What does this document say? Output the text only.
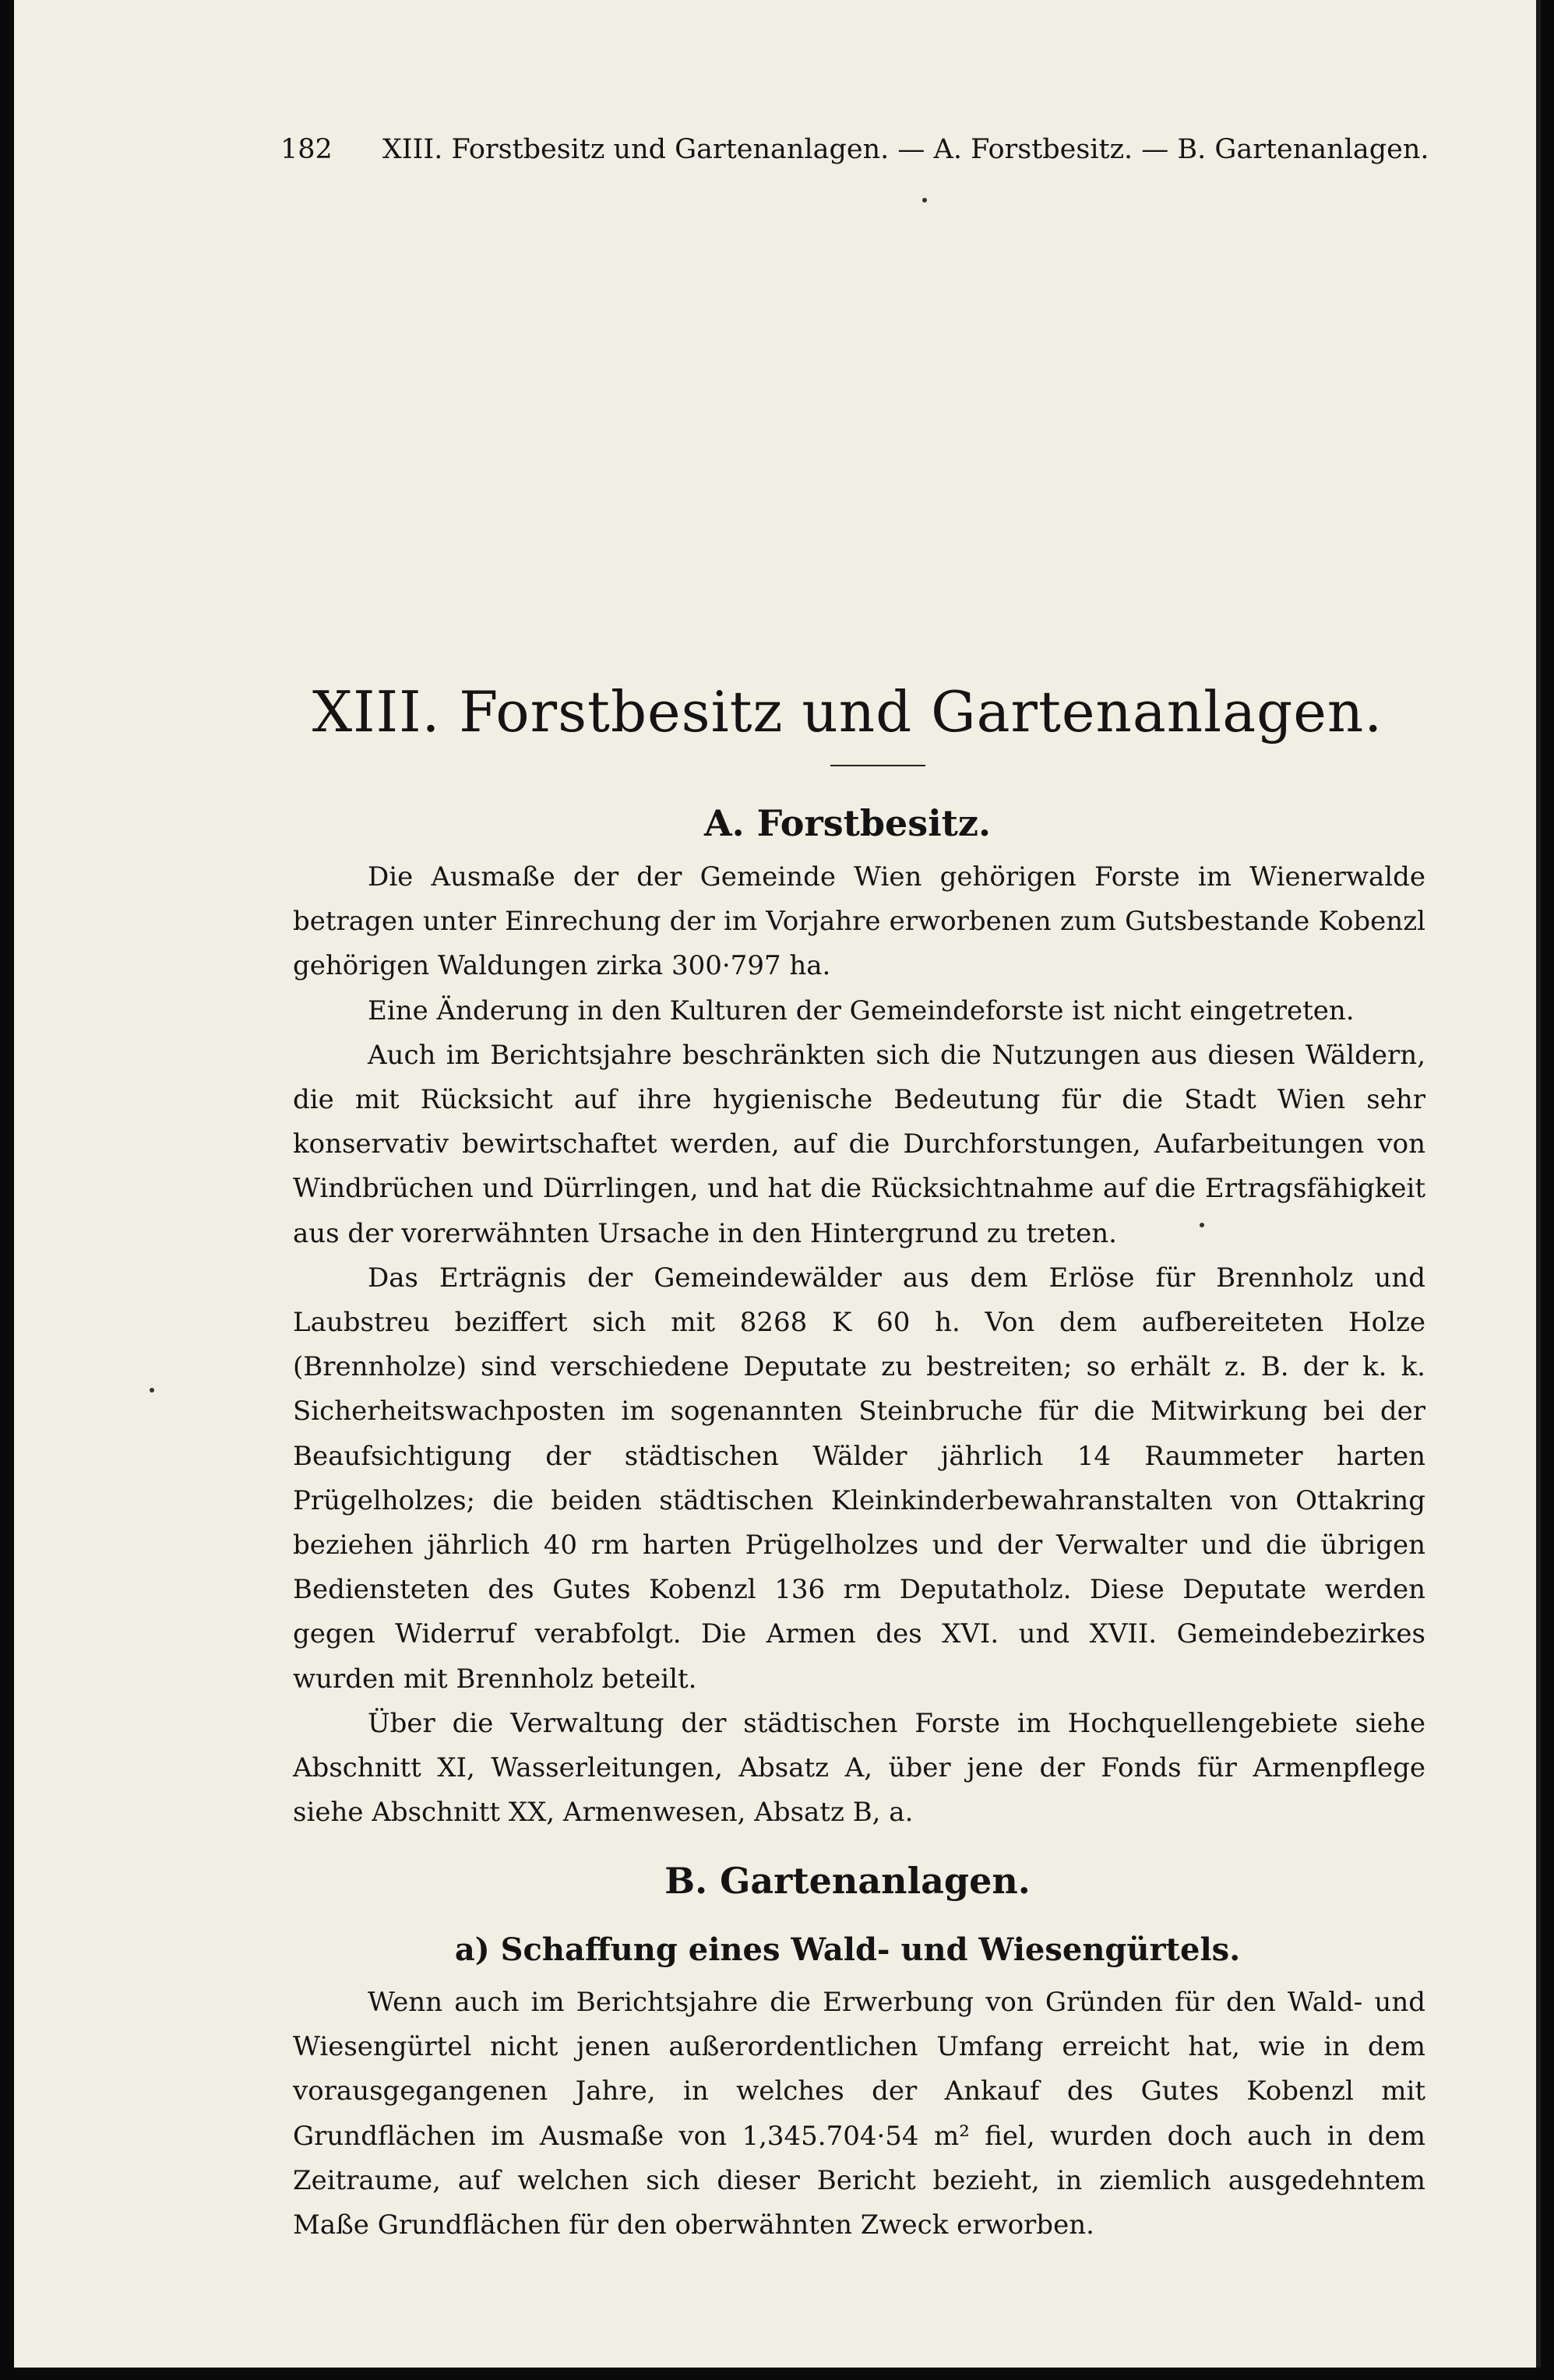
182 XIII. Forstbesitz und Gartenanlagen. — A. Forstbesitz. — B. Gartenanlagen.
XIII. Forstbesitz und Gartenanlagen.
A. Forstbesitz.

Die Ausmaße der der Gemeinde Wien gehörigen Forste im Wienerwalde betragen unter Einrechung der im Vorjahre erworbenen zum Gutsbestande Kobenzl gehörigen Waldungen zirka 300·797 ha.

Eine Änderung in den Kulturen der Gemeindeforste ist nicht eingetreten.

Auch im Berichtsjahre beschränkten sich die Nutzungen aus diesen Wäldern, die mit Rücksicht auf ihre hygienische Bedeutung für die Stadt Wien sehr konservativ bewirtschaftet werden, auf die Durchforstungen, Aufarbeitungen von Windbrüchen und Dürrlingen, und hat die Rücksichtnahme auf die Ertragsfähigkeit aus der vorerwähnten Ursache in den Hintergrund zu treten.

Das Erträgnis der Gemeindewälder aus dem Erlöse für Brennholz und Laubstreu beziffert sich mit 8268 K 60 h. Von dem aufbereiteten Holze (Brennholze) sind verschiedene Deputate zu bestreiten; so erhält z. B. der k. k. Sicherheitswachposten im sogenannten Steinbruche für die Mitwirkung bei der Beaufsichtigung der städtischen Wälder jährlich 14 Raummeter harten Prügelholzes; die beiden städtischen Kleinkinderbewahranstalten von Ottakring beziehen jährlich 40 rm harten Prügelholzes und der Verwalter und die übrigen Bediensteten des Gutes Kobenzl 136 rm Deputatholz. Diese Deputate werden gegen Widerruf verabfolgt. Die Armen des XVI. und XVII. Gemeindebezirkes wurden mit Brennholz beteilt.

Über die Verwaltung der städtischen Forste im Hochquellengebiete siehe Abschnitt XI, Wasserleitungen, Absatz A, über jene der Fonds für Armenpflege siehe Abschnitt XX, Armenwesen, Absatz B, a.

B. Gartenanlagen.
a) Schaffung eines Wald- und Wiesengürtels.

Wenn auch im Berichtsjahre die Erwerbung von Gründen für den Wald- und Wiesengürtel nicht jenen außerordentlichen Umfang erreicht hat, wie in dem vorausgegangenen Jahre, in welches der Ankauf des Gutes Kobenzl mit Grundflächen im Ausmaße von 1,345.704·54 m² fiel, wurden doch auch in dem Zeitraume, auf welchen sich dieser Bericht bezieht, in ziemlich ausgedehntem Maße Grundflächen für den oberwähnten Zweck erworben.
